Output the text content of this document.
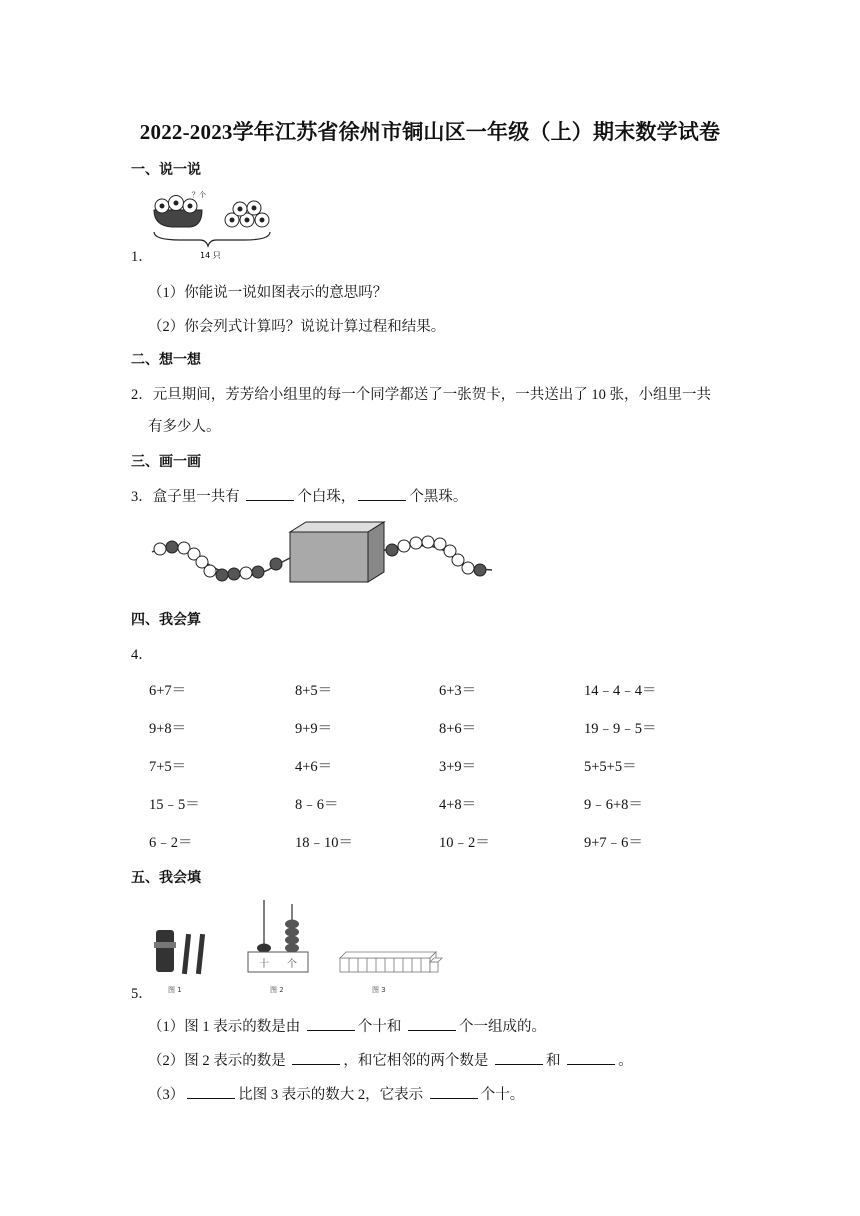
2022-2023学年江苏省徐州市铜山区一年级（上）期末数学试卷
一、说一说
？个
14 只
1．
（1）你能说一说如图表示的意思吗？
（2）你会列式计算吗？说说计算过程和结果。
二、想一想
2．元旦期间，芳芳给小组里的每一个同学都送了一张贺卡，一共送出了 10 张，小组里一共
有多少人。
三、画一画
3．盒子里一共有	个白珠，	个黑珠。
四、我会算
4．
6+7＝	8+5＝	6+3＝	14﹣4﹣4＝
9+8＝	9+9＝	8+6＝	19﹣9﹣5＝
7+5＝	4+6＝	3+9＝	5+5+5＝
15﹣5＝	8﹣6＝	4+8＝	9﹣6+8＝
6﹣2＝	18﹣10＝	10﹣2＝	9+7﹣6＝
五、我会填
图 1
十 个
图 2	图 3
5．
（1）图 1 表示的数是由	个十和	个一组成的。
（2）图 2 表示的数是	，和它相邻的两个数是	和	。
（3）	比图 3 表示的数大 2，它表示	个十。
